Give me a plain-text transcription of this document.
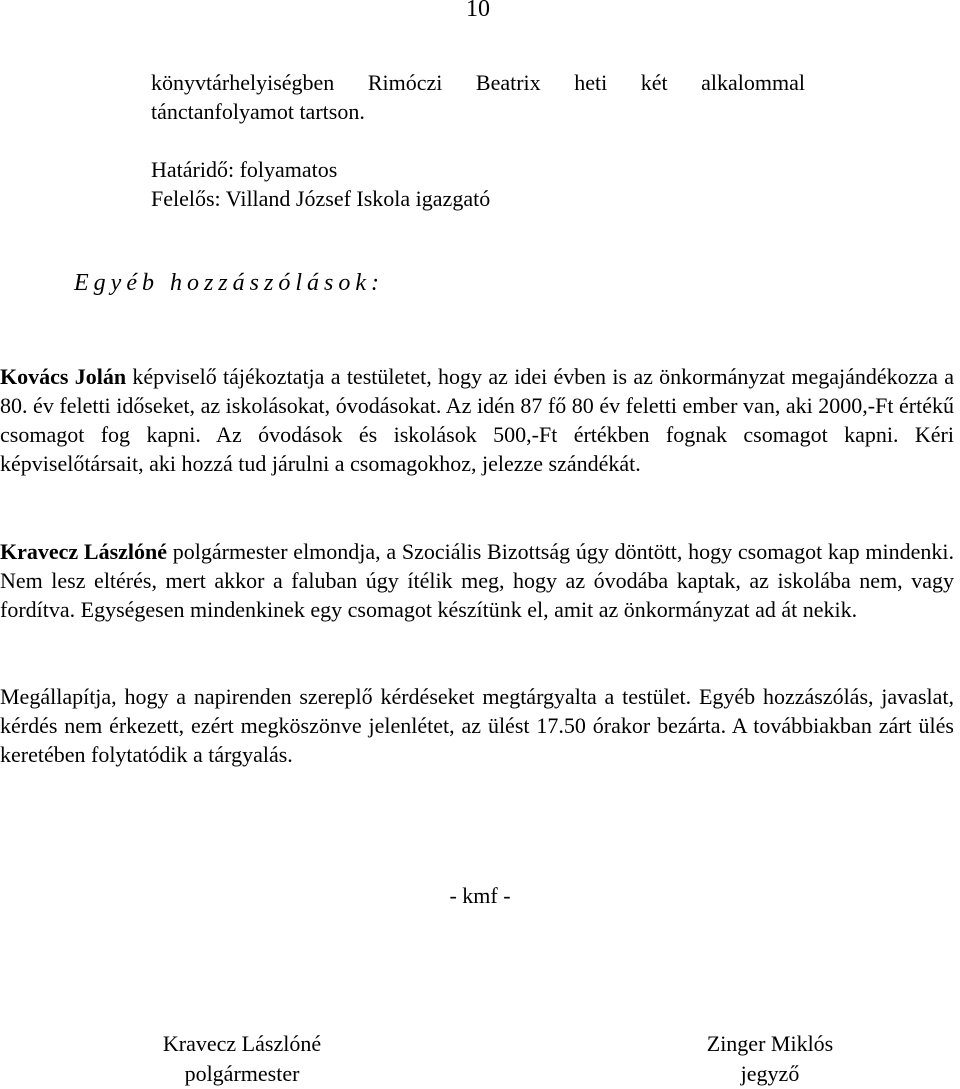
10

könyvtárhelyiségben Rimóczi Beatrix heti két alkalommal

tánctanfolyamot tartson.

Határidő: folyamatos

Felelős: Villand József Iskola igazgató

Egyéb hozzászólások:

Kovács Jolán képviselő tájékoztatja a testületet, hogy az idei évben is az önkormányzat megajándékozza a 80. év feletti időseket, az iskolásokat, óvodásokat. Az idén 87 fő 80 év feletti ember van, aki 2000,-Ft értékű csomagot fog kapni. Az óvodások és iskolások 500,-Ft értékben fognak csomagot kapni. Kéri képviselőtársait, aki hozzá tud járulni a csomagokhoz, jelezze szándékát.

Kravecz Lászlóné polgármester elmondja, a Szociális Bizottság úgy döntött, hogy csomagot kap mindenki. Nem lesz eltérés, mert akkor a faluban úgy ítélik meg, hogy az óvodába kaptak, az iskolába nem, vagy fordítva. Egységesen mindenkinek egy csomagot készítünk el, amit az önkormányzat ad át nekik.

Megállapítja, hogy a napirenden szereplő kérdéseket megtárgyalta a testület. Egyéb hozzászólás, javaslat, kérdés nem érkezett, ezért megköszönve jelenlétet, az ülést 17.50 órakor bezárta. A továbbiakban zárt ülés keretében folytatódik a tárgyalás.

- kmf -
Kravecz Lászlóné
polgármester
Zinger Miklós
jegyző
